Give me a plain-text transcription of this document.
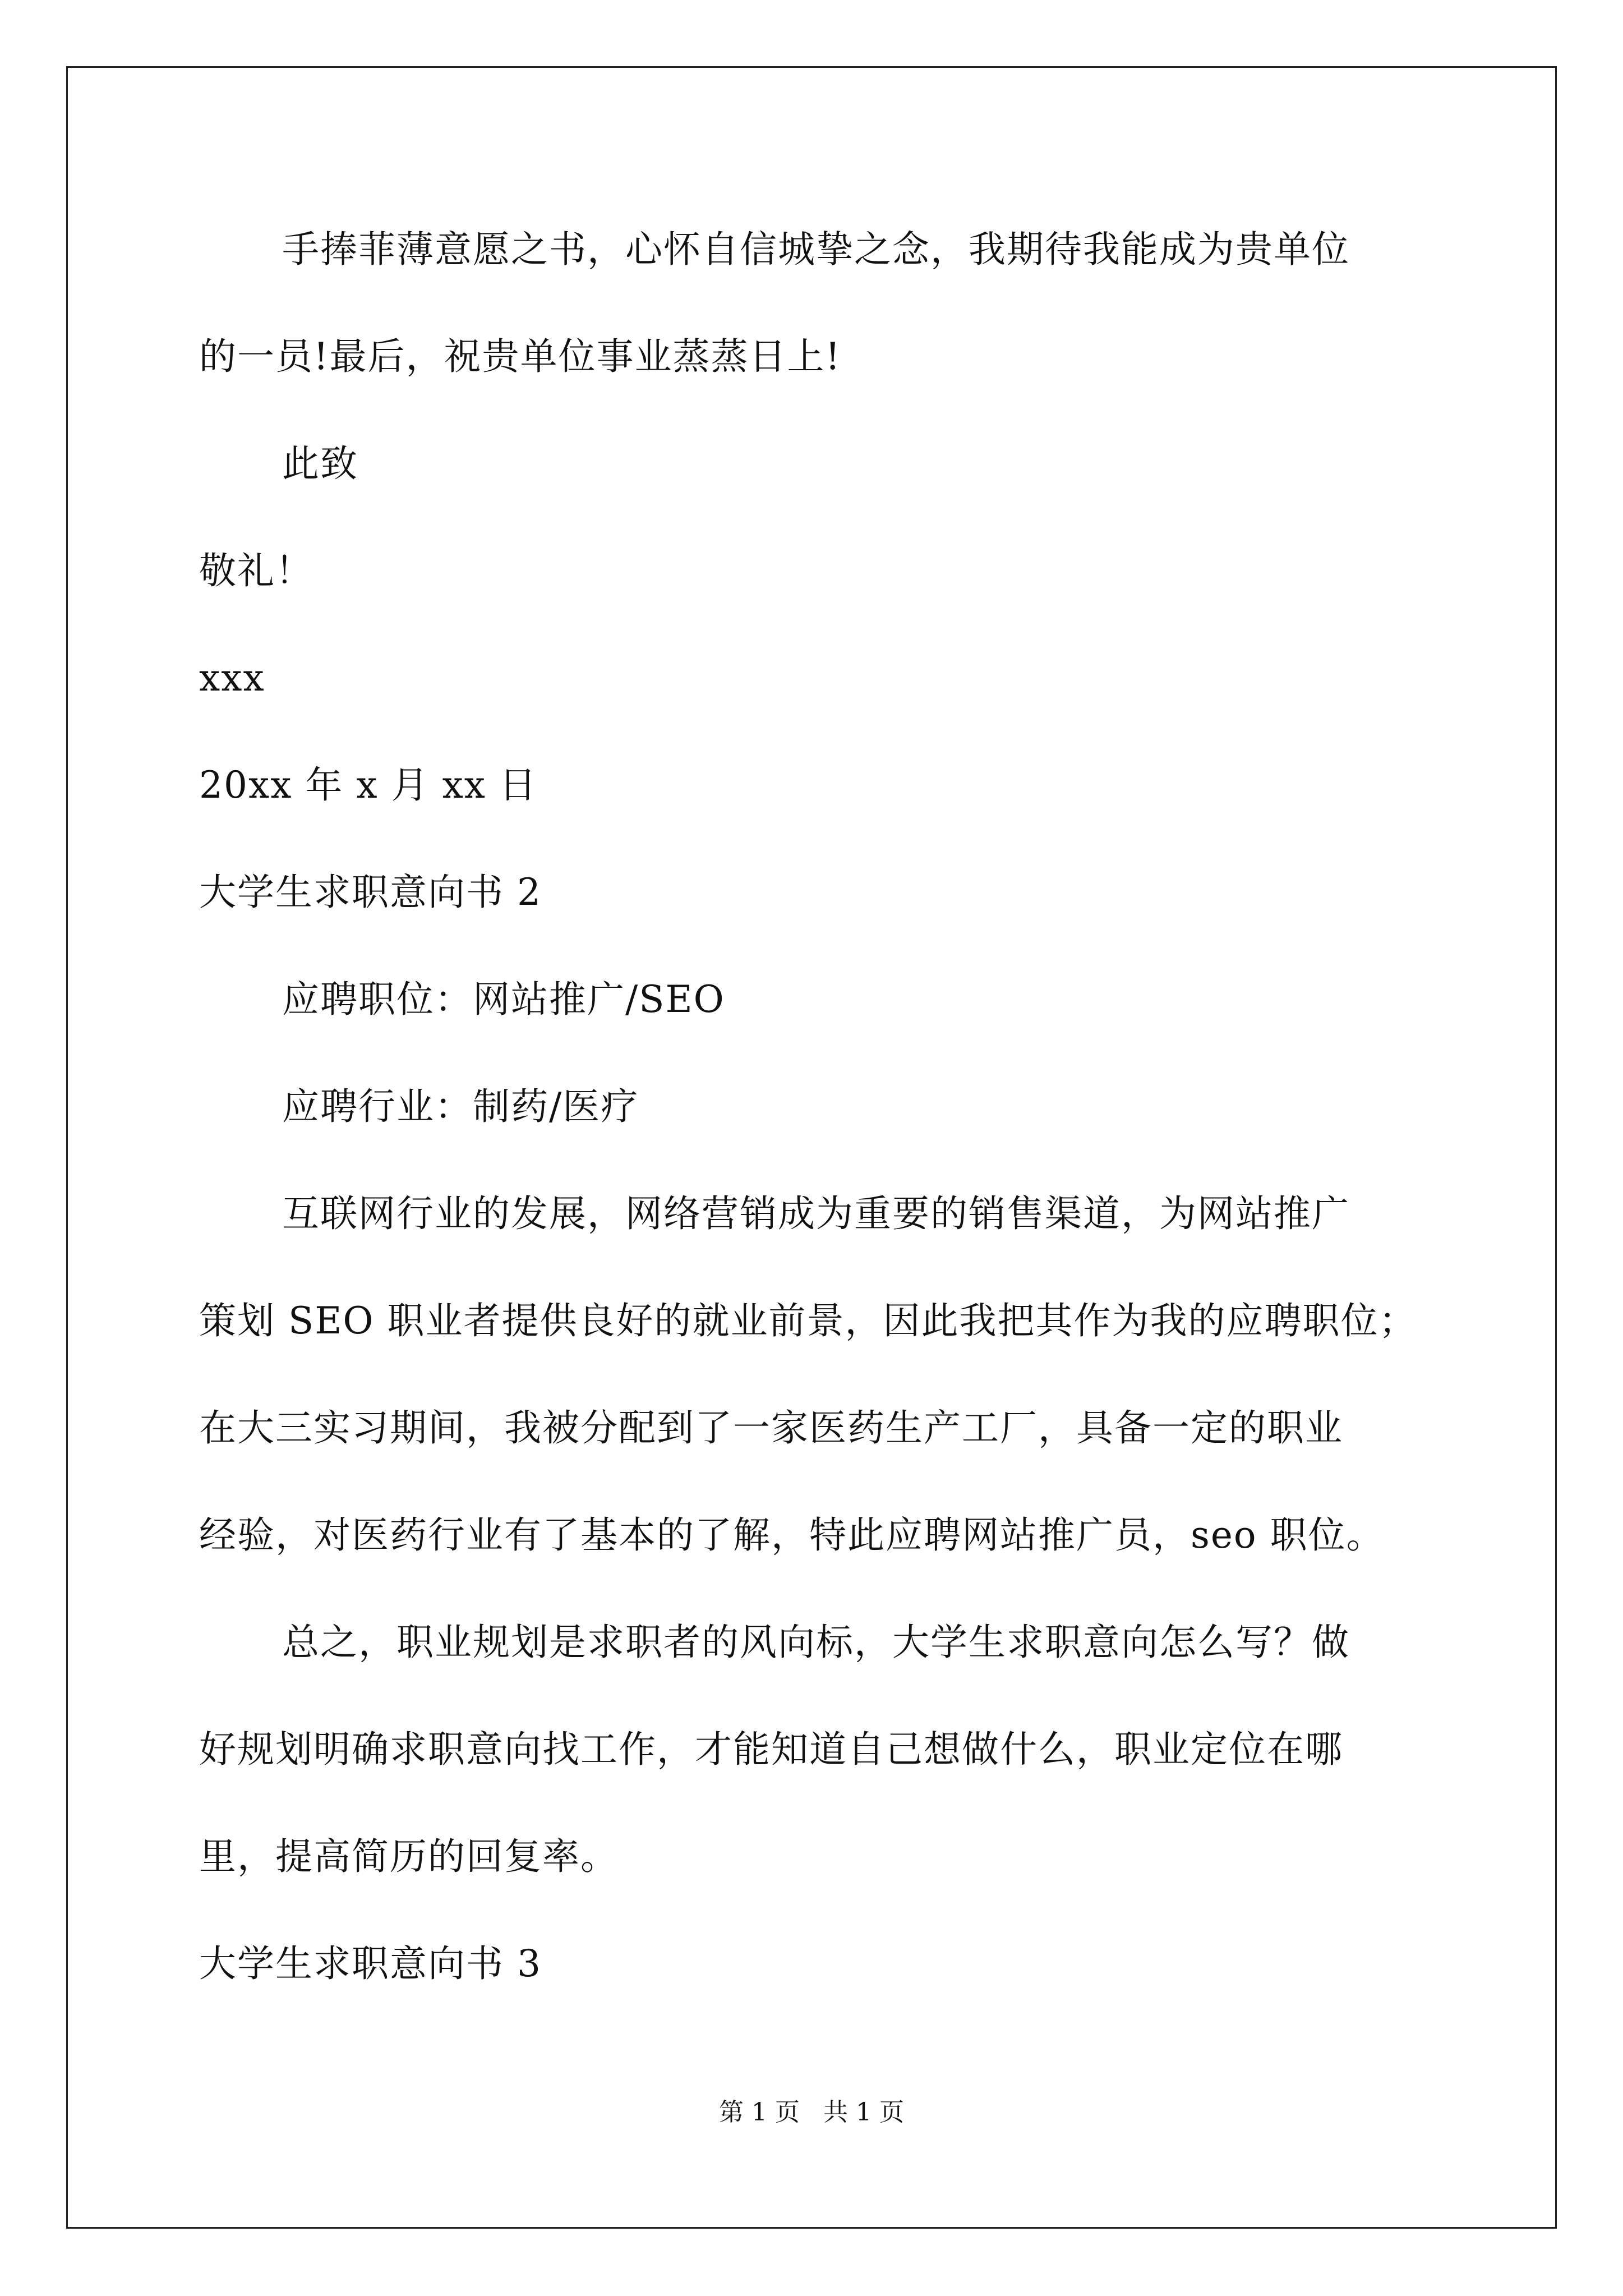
手捧菲薄意愿之书，心怀自信城挚之念，我期待我能成为贵单位
的一员!最后，祝贵单位事业蒸蒸日上!
此致
敬礼！
xxx
20xx 年 x 月 xx 日
大学生求职意向书 2
应聘职位：网站推广/SEO
应聘行业：制药/医疗
互联网行业的发展，网络营销成为重要的销售渠道，为网站推广
策划 SEO 职业者提供良好的就业前景，因此我把其作为我的应聘职位；
在大三实习期间，我被分配到了一家医药生产工厂，具备一定的职业
经验，对医药行业有了基本的了解，特此应聘网站推广员，seo 职位。
总之，职业规划是求职者的风向标，大学生求职意向怎么写？做
好规划明确求职意向找工作，才能知道自己想做什么，职业定位在哪
里，提高简历的回复率。
大学生求职意向书 3
第 1 页   共 1 页
